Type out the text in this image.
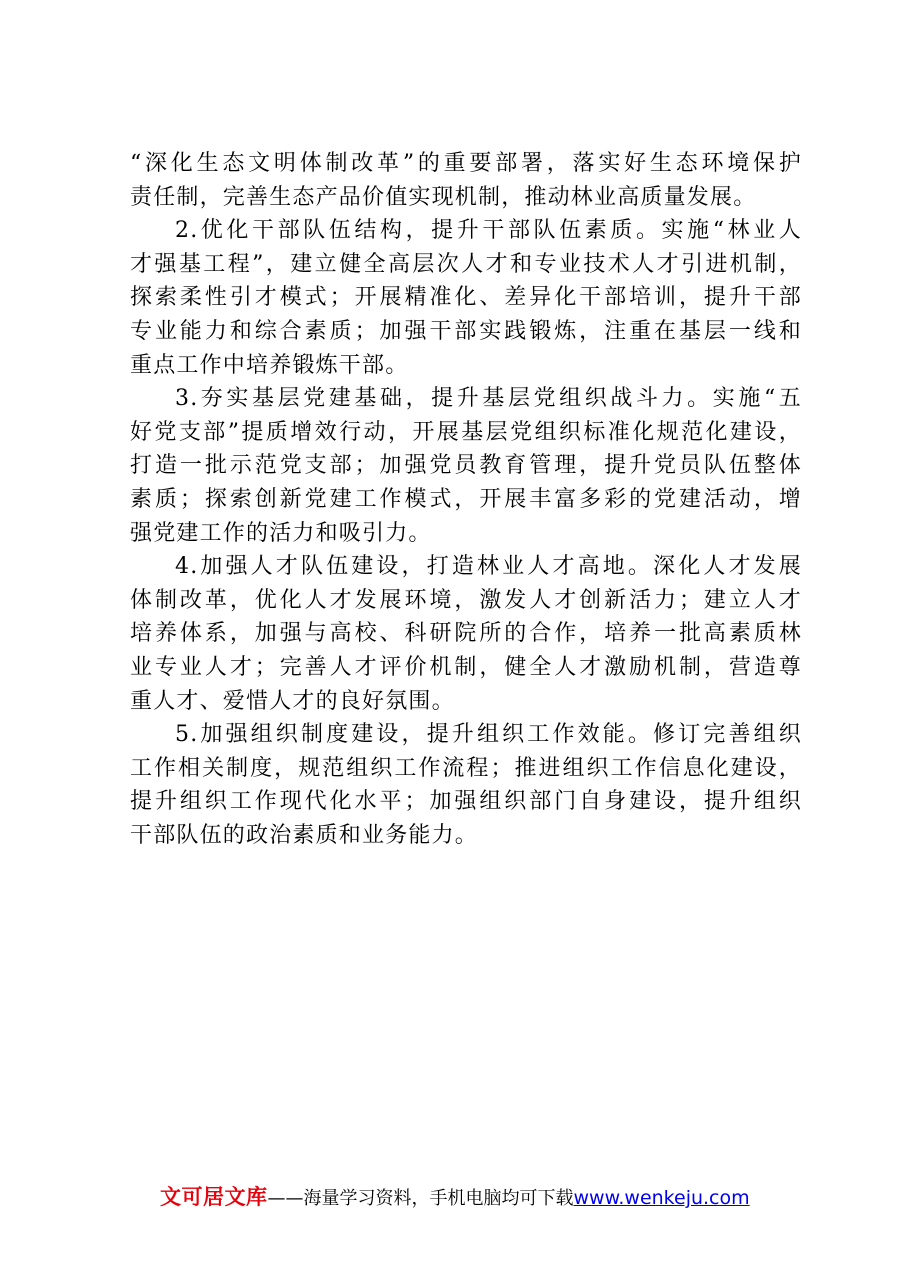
“深化生态文明体制改革”的重要部署，落实好生态环境保护
责任制，完善生态产品价值实现机制，推动林业高质量发展。
2.优化干部队伍结构，提升干部队伍素质。实施“林业人
才强基工程”，建立健全高层次人才和专业技术人才引进机制，
探索柔性引才模式；开展精准化、差异化干部培训，提升干部
专业能力和综合素质；加强干部实践锻炼，注重在基层一线和
重点工作中培养锻炼干部。
3.夯实基层党建基础，提升基层党组织战斗力。实施“五
好党支部”提质增效行动，开展基层党组织标准化规范化建设，
打造一批示范党支部；加强党员教育管理，提升党员队伍整体
素质；探索创新党建工作模式，开展丰富多彩的党建活动，增
强党建工作的活力和吸引力。
4.加强人才队伍建设，打造林业人才高地。深化人才发展
体制改革，优化人才发展环境，激发人才创新活力；建立人才
培养体系，加强与高校、科研院所的合作，培养一批高素质林
业专业人才；完善人才评价机制，健全人才激励机制，营造尊
重人才、爱惜人才的良好氛围。
5.加强组织制度建设，提升组织工作效能。修订完善组织
工作相关制度，规范组织工作流程；推进组织工作信息化建设，
提升组织工作现代化水平；加强组织部门自身建设，提升组织
干部队伍的政治素质和业务能力。
文可居文库——海量学习资料，手机电脑均可下载www.wenkeju.com
